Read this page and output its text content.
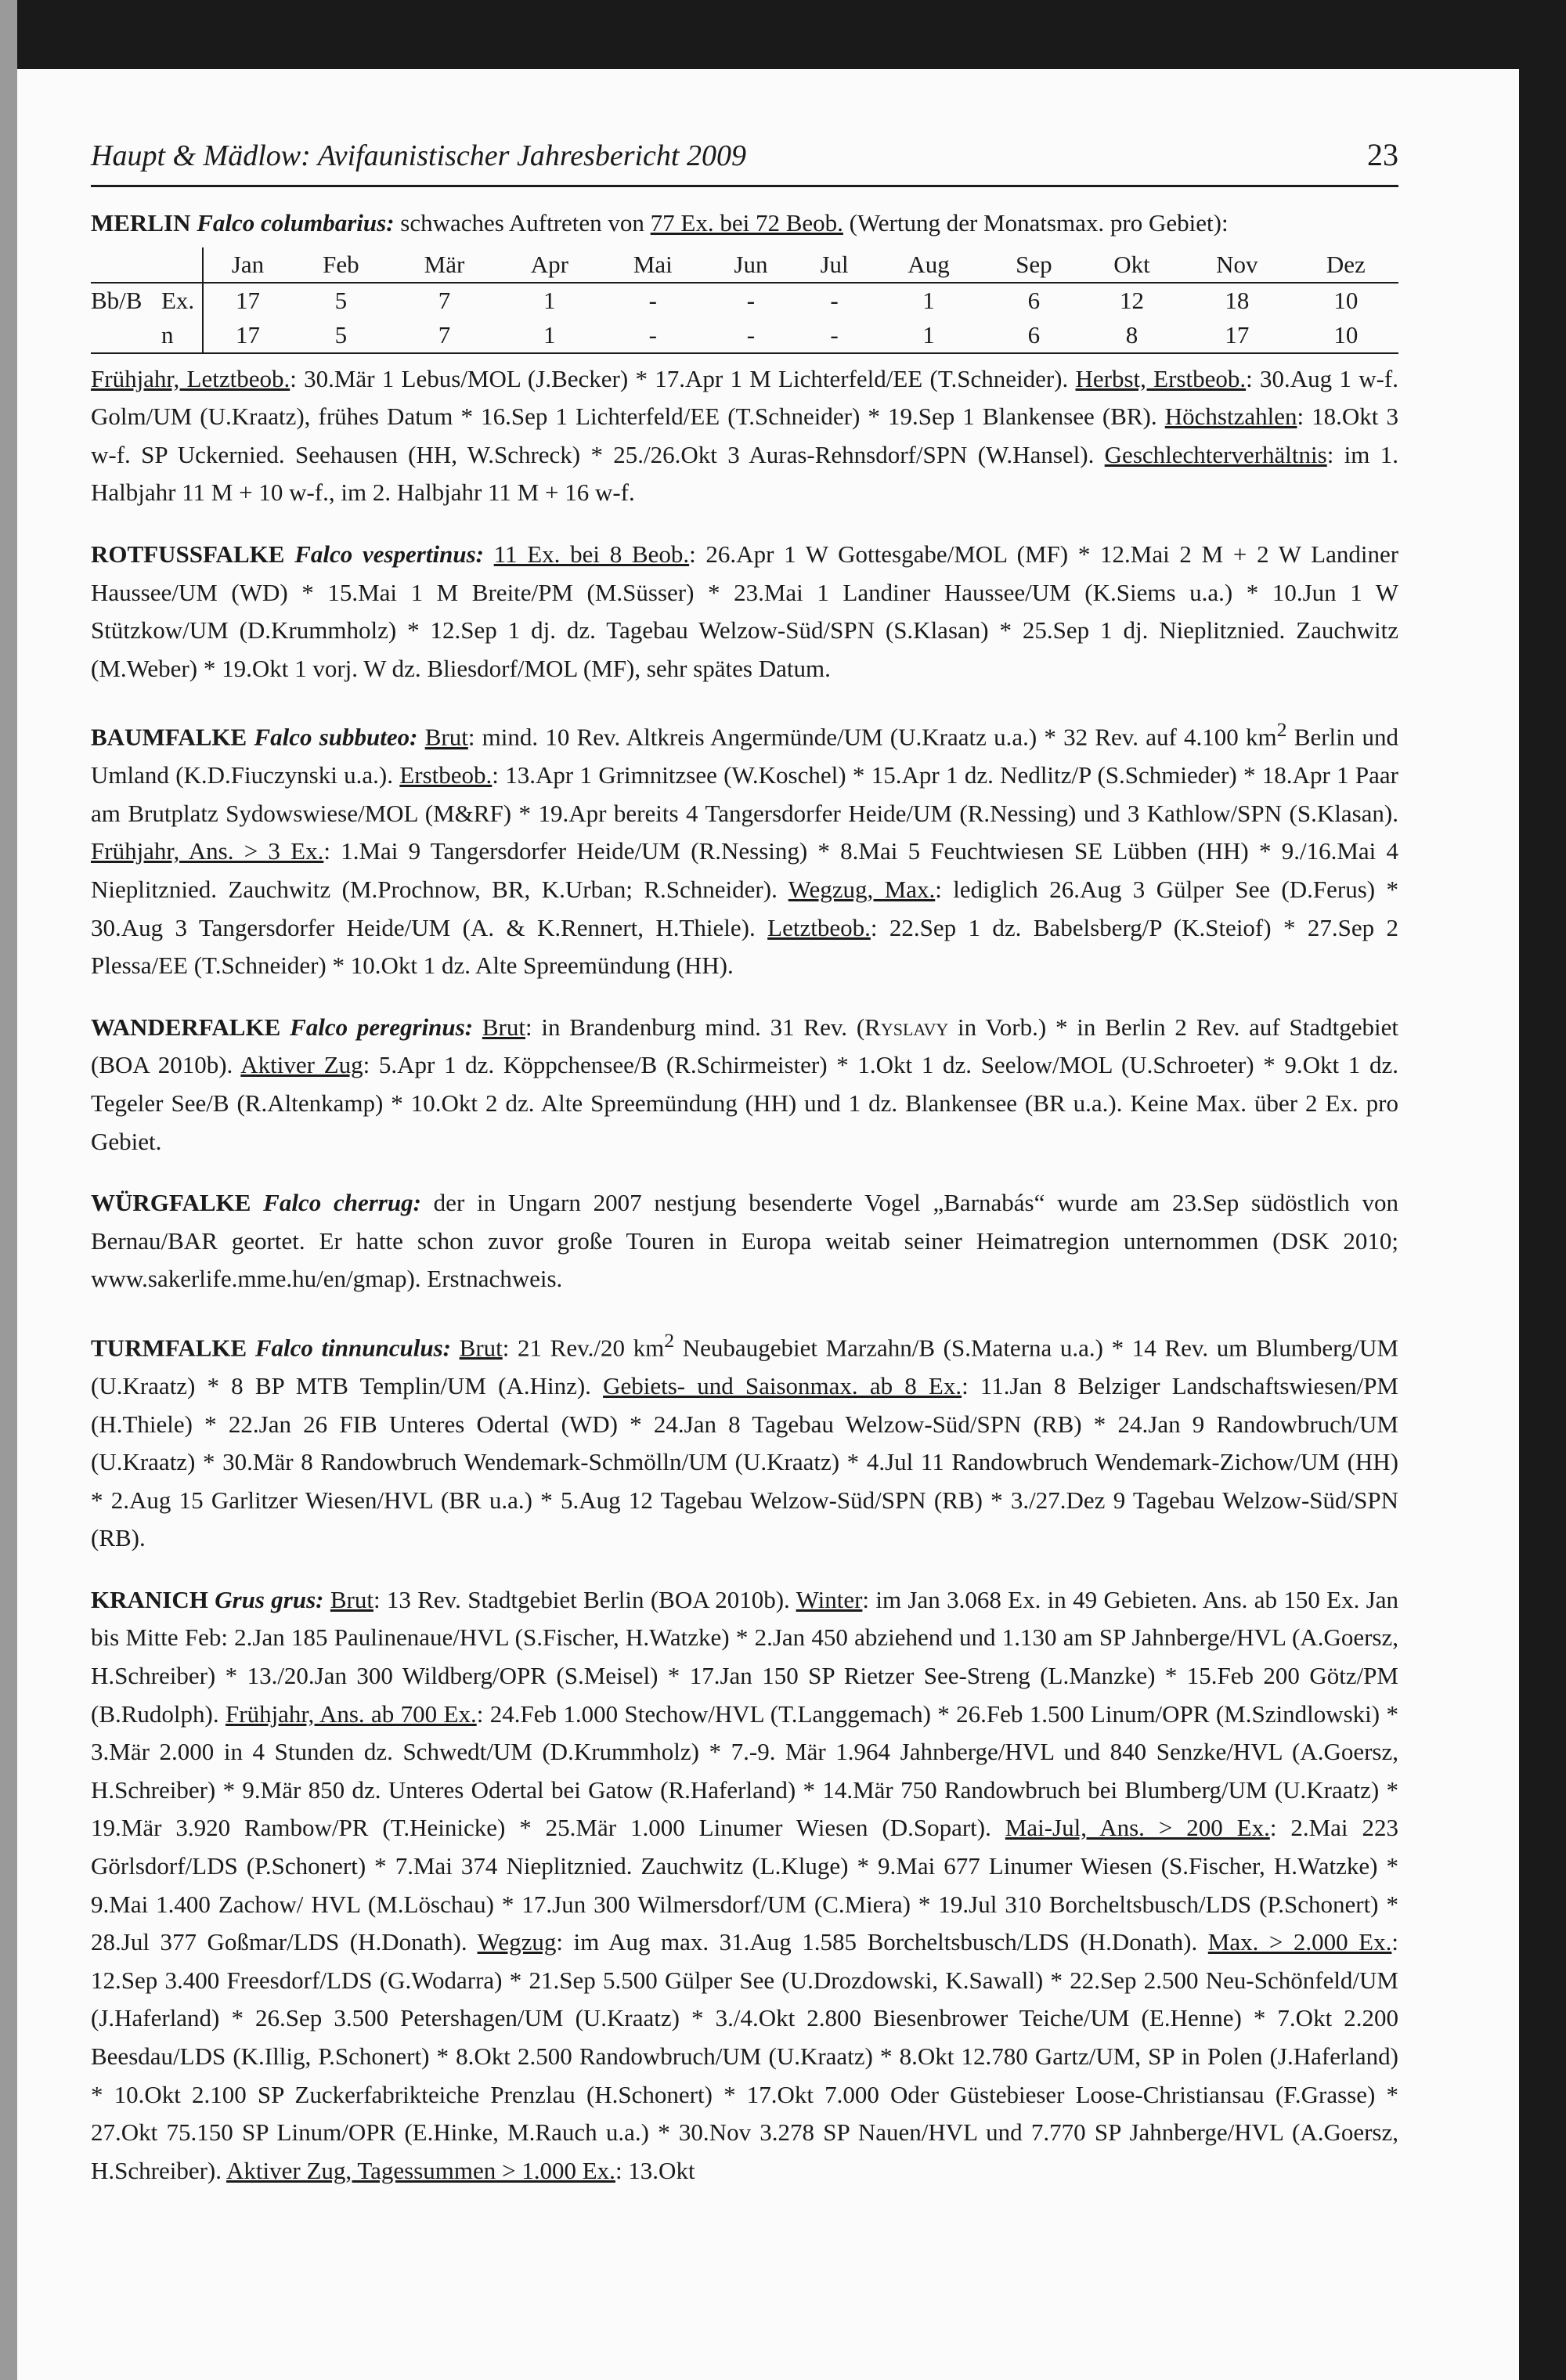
Haupt & Mädlow: Avifaunistischer Jahresbericht 2009	23

MERLIN Falco columbarius: schwaches Auftreten von 77 Ex. bei 72 Beob. (Wertung der Monatsmax. pro Gebiet):

		Jan	Feb	Mär	Apr	Mai	Jun	Jul	Aug	Sep	Okt	Nov	Dez
Bb/B	Ex.	17	5	7	1	-	-	-	1	6	12	18	10
	n	17	5	7	1	-	-	-	1	6	8	17	10

Frühjahr, Letztbeob.: 30.Mär 1 Lebus/MOL (J.Becker) * 17.Apr 1 M Lichterfeld/EE (T.Schneider). Herbst, Erstbeob.: 30.Aug 1 w-f. Golm/UM (U.Kraatz), frühes Datum * 16.Sep 1 Lichterfeld/EE (T.Schneider) * 19.Sep 1 Blankensee (BR). Höchstzahlen: 18.Okt 3 w-f. SP Uckernied. Seehausen (HH, W.Schreck) * 25./26.Okt 3 Auras-Rehnsdorf/SPN (W.Hansel). Geschlechterverhältnis: im 1. Halbjahr 11 M + 10 w-f., im 2. Halbjahr 11 M + 16 w-f.

ROTFUSSFALKE Falco vespertinus: 11 Ex. bei 8 Beob.: 26.Apr 1 W Gottesgabe/MOL (MF) * 12.Mai 2 M + 2 W Landiner Haussee/UM (WD) * 15.Mai 1 M Breite/PM (M.Süsser) * 23.Mai 1 Landiner Haussee/UM (K.Siems u.a.) * 10.Jun 1 W Stützkow/UM (D.Krummholz) * 12.Sep 1 dj. dz. Tagebau Welzow-Süd/SPN (S.Klasan) * 25.Sep 1 dj. Nieplitznied. Zauchwitz (M.Weber) * 19.Okt 1 vorj. W dz. Bliesdorf/MOL (MF), sehr spätes Datum.

BAUMFALKE Falco subbuteo: Brut: mind. 10 Rev. Altkreis Angermünde/UM (U.Kraatz u.a.) * 32 Rev. auf 4.100 $km^2$ Berlin und Umland (K.D.Fiuczynski u.a.). Erstbeob.: 13.Apr 1 Grimnitzsee (W.Koschel) * 15.Apr 1 dz. Nedlitz/P (S.Schmieder) * 18.Apr 1 Paar am Brutplatz Sydowswiese/MOL (M&RF) * 19.Apr bereits 4 Tangersdorfer Heide/UM (R.Nessing) und 3 Kathlow/SPN (S.Klasan). Frühjahr, Ans. > 3 Ex.: 1.Mai 9 Tangersdorfer Heide/UM (R.Nessing) * 8.Mai 5 Feuchtwiesen SE Lübben (HH) * 9./16.Mai 4 Nieplitznied. Zauchwitz (M.Prochnow, BR, K.Urban; R.Schneider). Wegzug, Max.: lediglich 26.Aug 3 Gülper See (D.Ferus) * 30.Aug 3 Tangersdorfer Heide/UM (A. & K.Rennert, H.Thiele). Letztbeob.: 22.Sep 1 dz. Babelsberg/P (K.Steiof) * 27.Sep 2 Plessa/EE (T.Schneider) * 10.Okt 1 dz. Alte Spreemündung (HH).

WANDERFALKE Falco peregrinus: Brut: in Brandenburg mind. 31 Rev. (Ryslavy in Vorb.) * in Berlin 2 Rev. auf Stadtgebiet (BOA 2010b). Aktiver Zug: 5.Apr 1 dz. Köppchensee/B (R.Schirmeister) * 1.Okt 1 dz. Seelow/MOL (U.Schroeter) * 9.Okt 1 dz. Tegeler See/B (R.Altenkamp) * 10.Okt 2 dz. Alte Spreemündung (HH) und 1 dz. Blankensee (BR u.a.). Keine Max. über 2 Ex. pro Gebiet.

WÜRGFALKE Falco cherrug: der in Ungarn 2007 nestjung besenderte Vogel „Barnabás“ wurde am 23.Sep südöstlich von Bernau/BAR geortet. Er hatte schon zuvor große Touren in Europa weitab seiner Heimatregion unternommen (DSK 2010; www.sakerlife.mme.hu/en/gmap). Erstnachweis.

TURMFALKE Falco tinnunculus: Brut: 21 Rev./20 $km^2$ Neubaugebiet Marzahn/B (S.Materna u.a.) * 14 Rev. um Blumberg/UM (U.Kraatz) * 8 BP MTB Templin/UM (A.Hinz). Gebiets- und Saisonmax. ab 8 Ex.: 11.Jan 8 Belziger Landschaftswiesen/PM (H.Thiele) * 22.Jan 26 FIB Unteres Odertal (WD) * 24.Jan 8 Tagebau Welzow-Süd/SPN (RB) * 24.Jan 9 Randowbruch/UM (U.Kraatz) * 30.Mär 8 Randowbruch Wendemark-Schmölln/UM (U.Kraatz) * 4.Jul 11 Randowbruch Wendemark-Zichow/UM (HH) * 2.Aug 15 Garlitzer Wiesen/HVL (BR u.a.) * 5.Aug 12 Tagebau Welzow-Süd/SPN (RB) * 3./27.Dez 9 Tagebau Welzow-Süd/SPN (RB).

KRANICH Grus grus: Brut: 13 Rev. Stadtgebiet Berlin (BOA 2010b). Winter: im Jan 3.068 Ex. in 49 Gebieten. Ans. ab 150 Ex. Jan bis Mitte Feb: 2.Jan 185 Paulinenaue/HVL (S.Fischer, H.Watzke) * 2.Jan 450 abziehend und 1.130 am SP Jahnberge/HVL (A.Goersz, H.Schreiber) * 13./20.Jan 300 Wildberg/OPR (S.Meisel) * 17.Jan 150 SP Rietzer See-Streng (L.Manzke) * 15.Feb 200 Götz/PM (B.Rudolph). Frühjahr, Ans. ab 700 Ex.: 24.Feb 1.000 Stechow/HVL (T.Langgemach) * 26.Feb 1.500 Linum/OPR (M.Szindlowski) * 3.Mär 2.000 in 4 Stunden dz. Schwedt/UM (D.Krummholz) * 7.-9. Mär 1.964 Jahnberge/HVL und 840 Senzke/HVL (A.Goersz, H.Schreiber) * 9.Mär 850 dz. Unteres Odertal bei Gatow (R.Haferland) * 14.Mär 750 Randowbruch bei Blumberg/UM (U.Kraatz) * 19.Mär 3.920 Rambow/PR (T.Heinicke) * 25.Mär 1.000 Linumer Wiesen (D.Sopart). Mai-Jul, Ans. > 200 Ex.: 2.Mai 223 Görlsdorf/LDS (P.Schonert) * 7.Mai 374 Nieplitznied. Zauchwitz (L.Kluge) * 9.Mai 677 Linumer Wiesen (S.Fischer, H.Watzke) * 9.Mai 1.400 Zachow/ HVL (M.Löschau) * 17.Jun 300 Wilmersdorf/UM (C.Miera) * 19.Jul 310 Borcheltsbusch/LDS (P.Schonert) * 28.Jul 377 Goßmar/LDS (H.Donath). Wegzug: im Aug max. 31.Aug 1.585 Borcheltsbusch/LDS (H.Donath). Max. > 2.000 Ex.: 12.Sep 3.400 Freesdorf/LDS (G.Wodarra) * 21.Sep 5.500 Gülper See (U.Drozdowski, K.Sawall) * 22.Sep 2.500 Neu-Schönfeld/UM (J.Haferland) * 26.Sep 3.500 Petershagen/UM (U.Kraatz) * 3./4.Okt 2.800 Biesenbrower Teiche/UM (E.Henne) * 7.Okt 2.200 Beesdau/LDS (K.Illig, P.Schonert) * 8.Okt 2.500 Randowbruch/UM (U.Kraatz) * 8.Okt 12.780 Gartz/UM, SP in Polen (J.Haferland) * 10.Okt 2.100 SP Zuckerfabrikteiche Prenzlau (H.Schonert) * 17.Okt 7.000 Oder Güstebieser Loose-Christiansau (F.Grasse) * 27.Okt 75.150 SP Linum/OPR (E.Hinke, M.Rauch u.a.) * 30.Nov 3.278 SP Nauen/HVL und 7.770 SP Jahnberge/HVL (A.Goersz, H.Schreiber). Aktiver Zug, Tagessummen > 1.000 Ex.: 13.Okt
